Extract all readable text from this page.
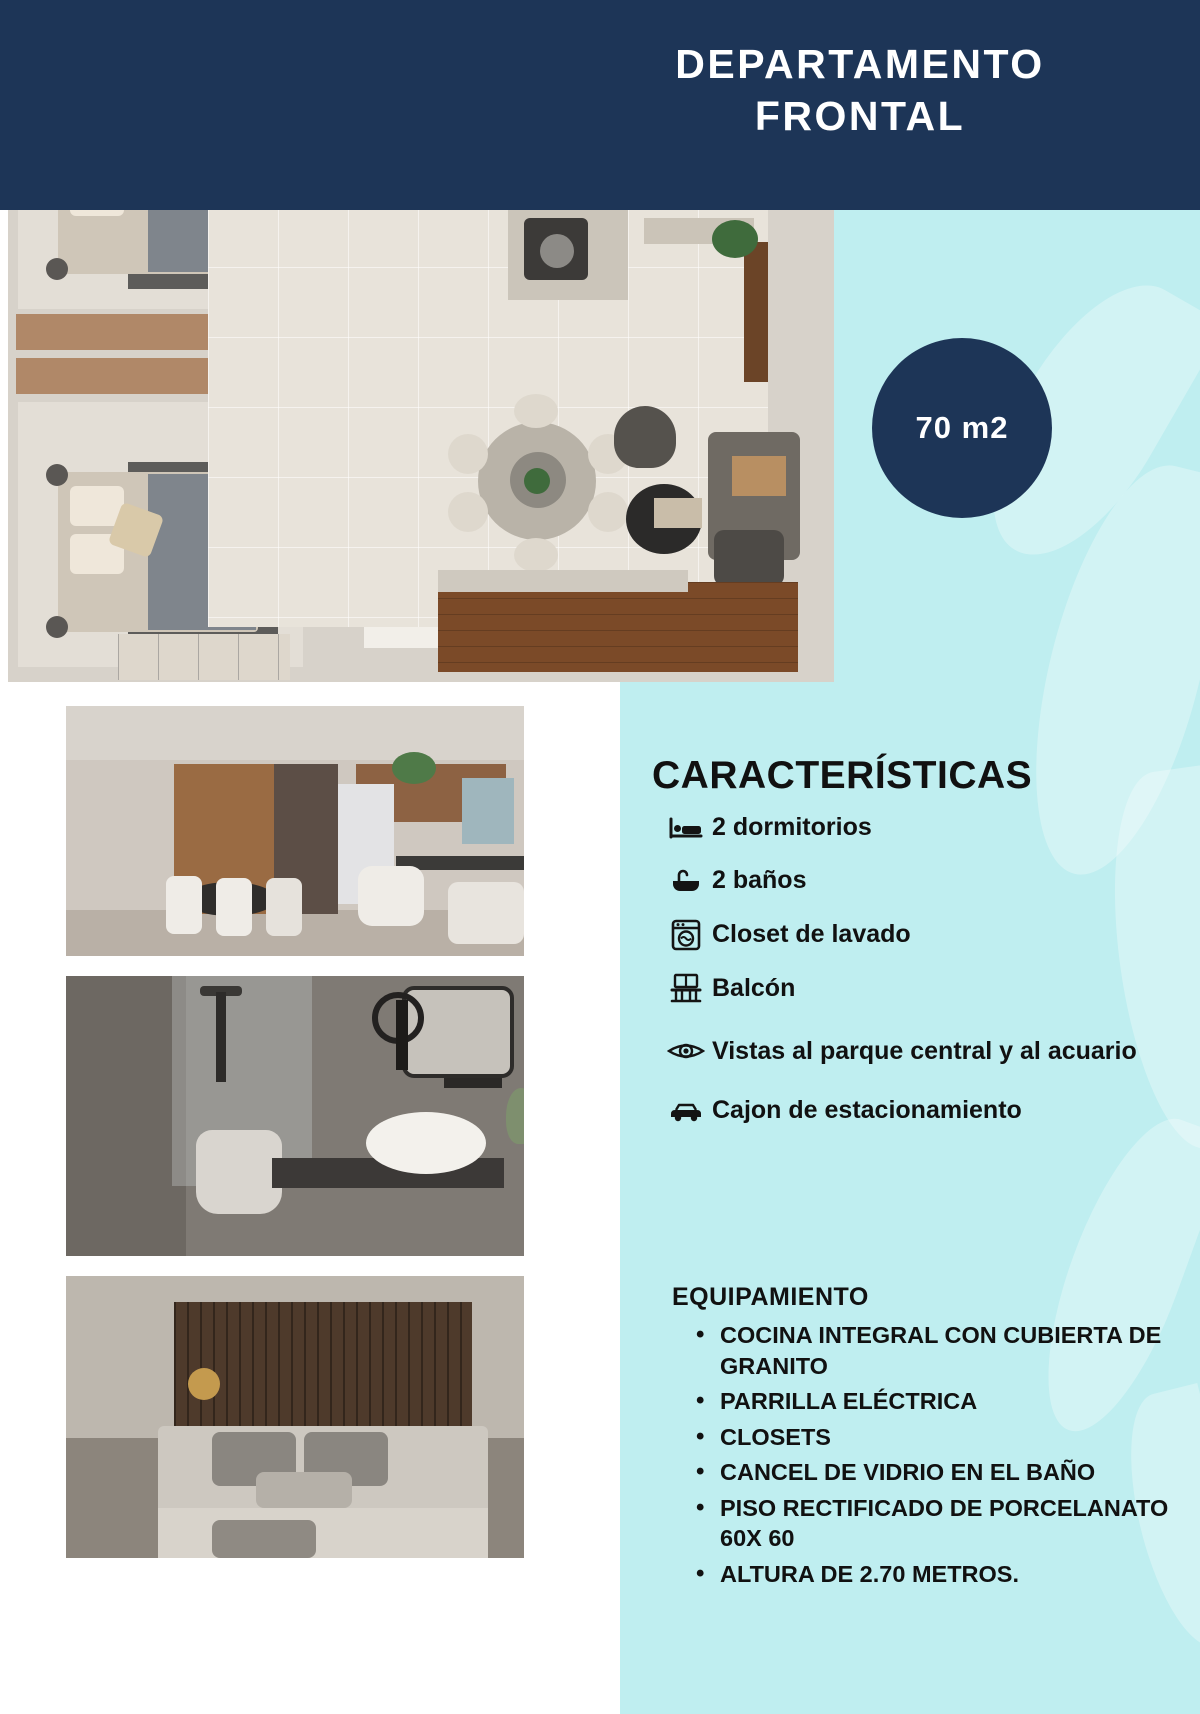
DEPARTAMENTO
FRONTAL
70 m2
CARACTERÍSTICAS
2 dormitorios
2 baños
Closet de lavado
Balcón
Vistas al parque central y al acuario
Cajon de estacionamiento
EQUIPAMIENTO
• COCINA INTEGRAL CON CUBIERTA DE GRANITO
• PARRILLA ELÉCTRICA
• CLOSETS
• CANCEL DE VIDRIO EN EL BAÑO
• PISO RECTIFICADO DE PORCELANATO 60X 60
• ALTURA DE 2.70 METROS.
